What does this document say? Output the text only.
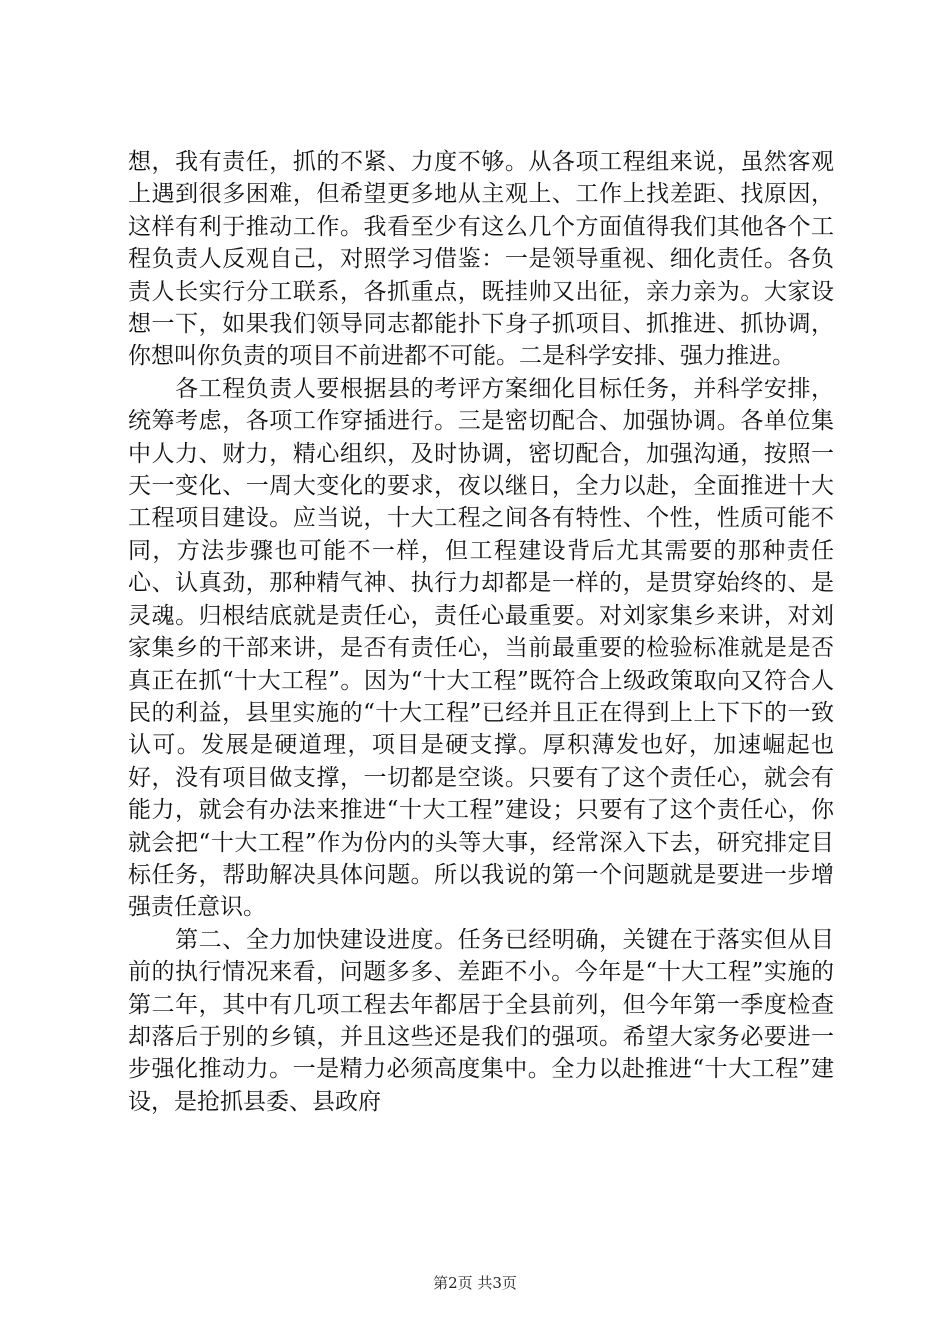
想，我有责任，抓的不紧、力度不够。从各项工程组来说，虽然客观上遇到很多困难，但希望更多地从主观上、工作上找差距、找原因，这样有利于推动工作。我看至少有这么几个方面值得我们其他各个工程负责人反观自己，对照学习借鉴：一是领导重视、细化责任。各负责人长实行分工联系，各抓重点，既挂帅又出征，亲力亲为。大家设想一下，如果我们领导同志都能扑下身子抓项目、抓推进、抓协调，你想叫你负责的项目不前进都不可能。二是科学安排、强力推进。

　　各工程负责人要根据县的考评方案细化目标任务，并科学安排，统筹考虑，各项工作穿插进行。三是密切配合、加强协调。各单位集中人力、财力，精心组织，及时协调，密切配合，加强沟通，按照一天一变化、一周大变化的要求，夜以继日，全力以赴，全面推进十大工程项目建设。应当说，十大工程之间各有特性、个性，性质可能不同，方法步骤也可能不一样，但工程建设背后尤其需要的那种责任心、认真劲，那种精气神、执行力却都是一样的，是贯穿始终的、是灵魂。归根结底就是责任心，责任心最重要。对刘家集乡来讲，对刘家集乡的干部来讲，是否有责任心，当前最重要的检验标准就是是否真正在抓“十大工程”。因为“十大工程”既符合上级政策取向又符合人民的利益，县里实施的“十大工程”已经并且正在得到上上下下的一致认可。发展是硬道理，项目是硬支撑。厚积薄发也好，加速崛起也好，没有项目做支撑，一切都是空谈。只要有了这个责任心，就会有能力，就会有办法来推进“十大工程”建设；只要有了这个责任心，你就会把“十大工程”作为份内的头等大事，经常深入下去，研究排定目标任务，帮助解决具体问题。所以我说的第一个问题就是要进一步增强责任意识。

　　第二、全力加快建设进度。任务已经明确，关键在于落实但从目前的执行情况来看，问题多多、差距不小。今年是“十大工程”实施的第二年，其中有几项工程去年都居于全县前列，但今年第一季度检查却落后于别的乡镇，并且这些还是我们的强项。希望大家务必要进一步强化推动力。一是精力必须高度集中。全力以赴推进“十大工程”建设，是抢抓县委、县政府

第2页 共3页
